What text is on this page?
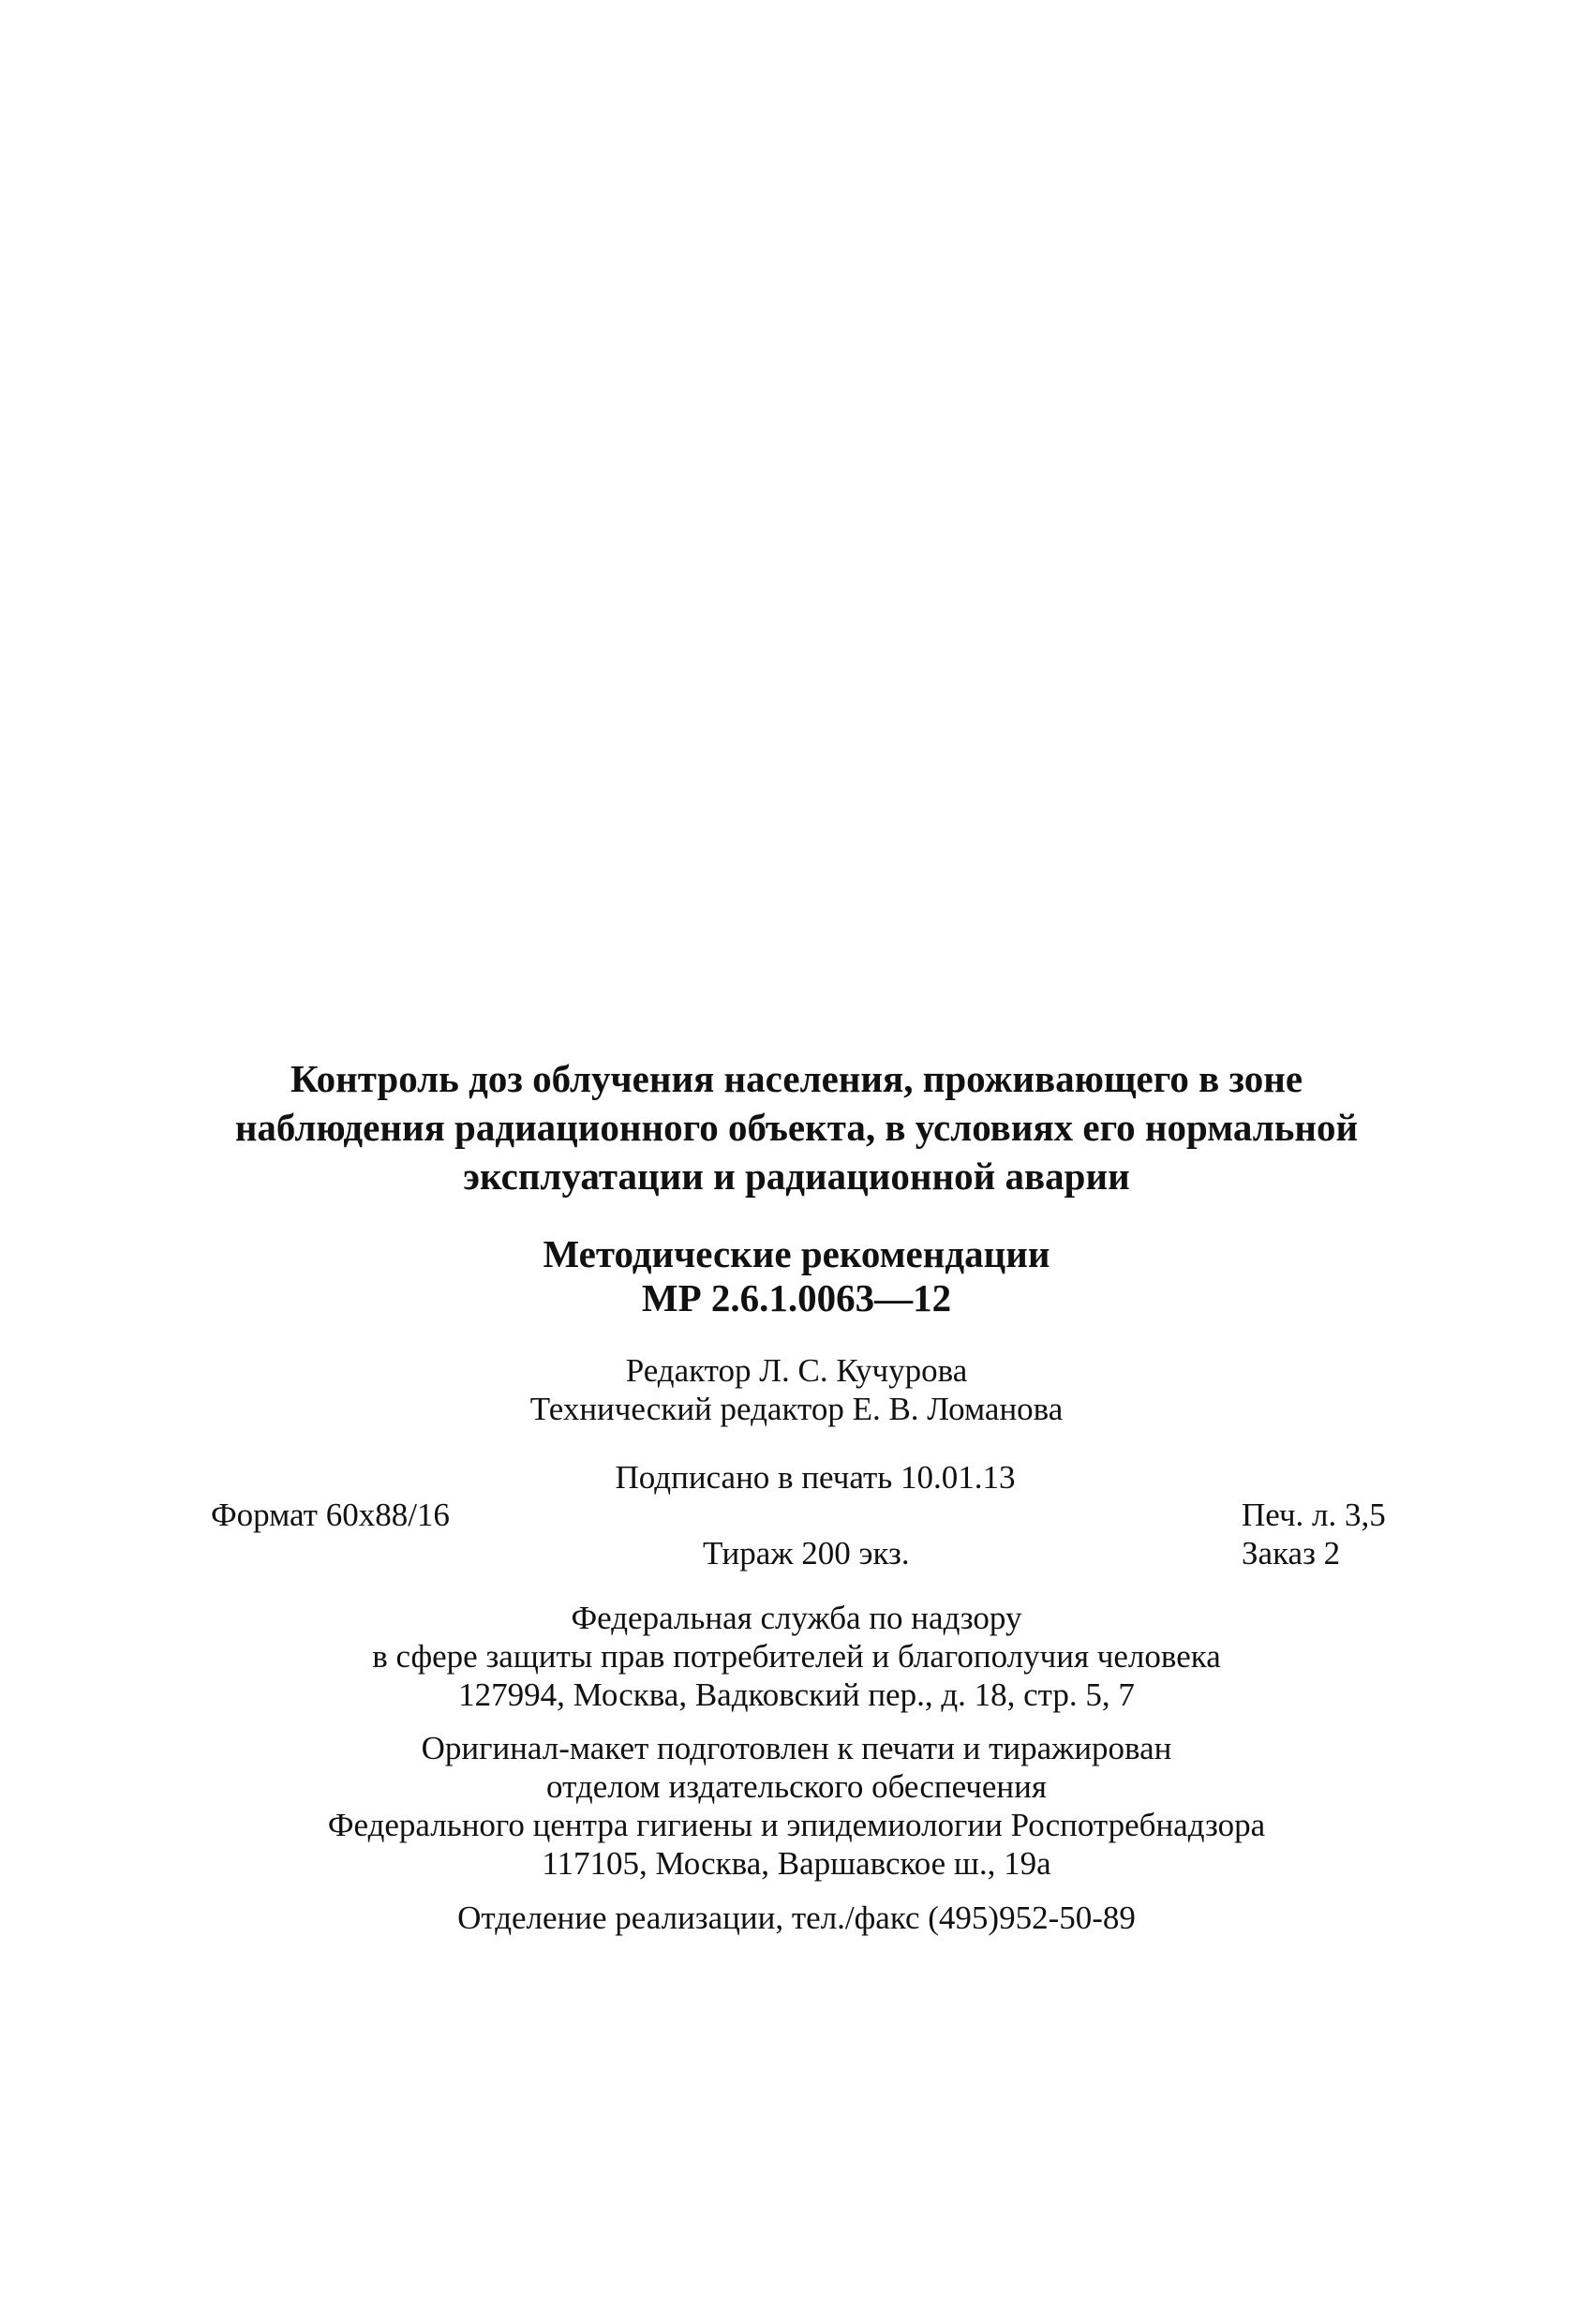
Контроль доз облучения населения, проживающего в зоне
наблюдения радиационного объекта, в условиях его нормальной
эксплуатации и радиационной аварии
Методические рекомендации
МР 2.6.1.0063—12
Редактор Л. С. Кучурова
Технический редактор Е. В. Ломанова
Подписано в печать 10.01.13
Формат 60x88/16	Печ. л. 3,5
Тираж 200 экз.	Заказ 2
Федеральная служба по надзору
в сфере защиты прав потребителей и благополучия человека
127994, Москва, Вадковский пер., д. 18, стр. 5, 7
Оригинал-макет подготовлен к печати и тиражирован
отделом издательского обеспечения
Федерального центра гигиены и эпидемиологии Роспотребнадзора
117105, Москва, Варшавское ш., 19а
Отделение реализации, тел./факс (495)952-50-89
